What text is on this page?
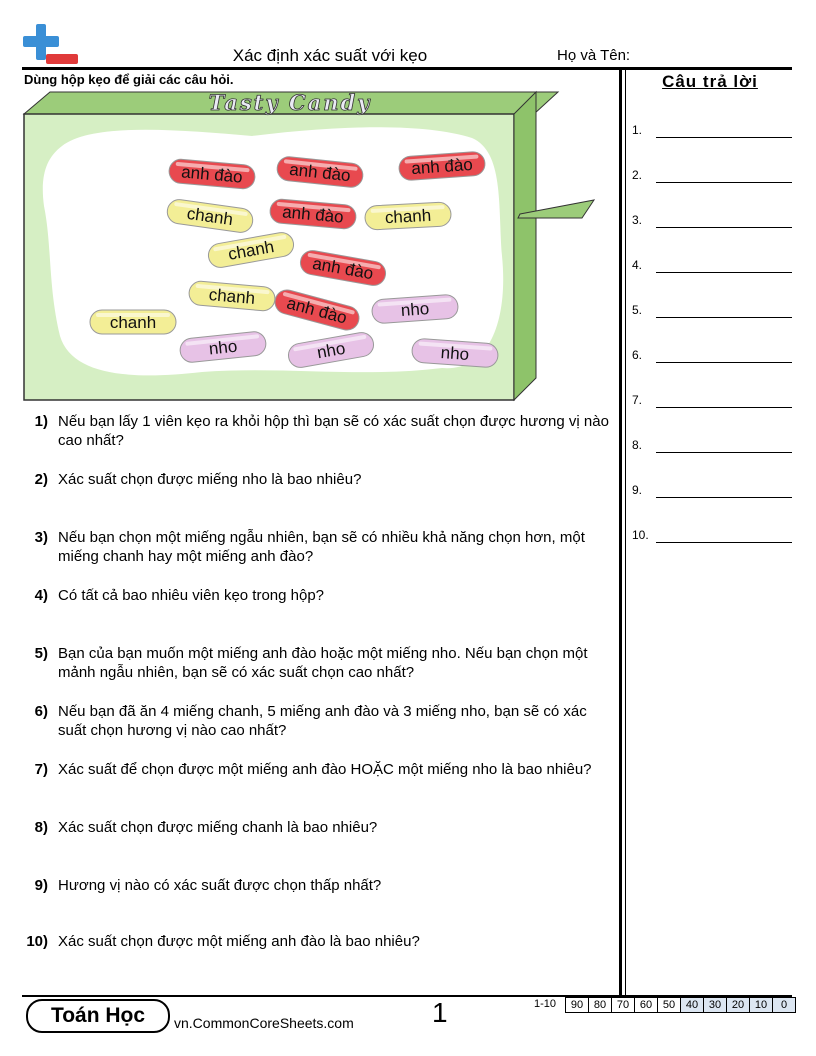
Xác định xác suất với kẹo	Họ và Tên:
Dùng hộp kẹo để giải các câu hỏi.
Tasty Candy
anh đào	anh đào	anh đào
chanh	anh đào chanh
chanh
anh đào
chanh anh đào	nho
chanh
nho	nho	nho
1) Nếu bạn lấy 1 viên kẹo ra khỏi hộp thì bạn sẽ có xác suất chọn được hương vị nào cao nhất?
2) Xác suất chọn được miếng nho là bao nhiêu?
3) Nếu bạn chọn một miếng ngẫu nhiên, bạn sẽ có nhiều khả năng chọn hơn, một miếng chanh hay một miếng anh đào?
4) Có tất cả bao nhiêu viên kẹo trong hộp?
5) Bạn của bạn muốn một miếng anh đào hoặc một miếng nho. Nếu bạn chọn một mảnh ngẫu nhiên, bạn sẽ có xác suất chọn cao nhất?
6) Nếu bạn đã ăn 4 miếng chanh, 5 miếng anh đào và 3 miếng nho, bạn sẽ có xác suất chọn hương vị nào cao nhất?
7) Xác suất để chọn được một miếng anh đào HOẶC một miếng nho là bao nhiêu?
8) Xác suất chọn được miếng chanh là bao nhiêu?
9) Hương vị nào có xác suất được chọn thấp nhất?
10) Xác suất chọn được một miếng anh đào là bao nhiêu?
Câu trả lời
1.
2.
3.
4.
5.
6.
7.
8.
9.
10.
Toán Học	vn.CommonCoreSheets.com	1	1-10 90	80	70	60	50	40	30	20	10	0
